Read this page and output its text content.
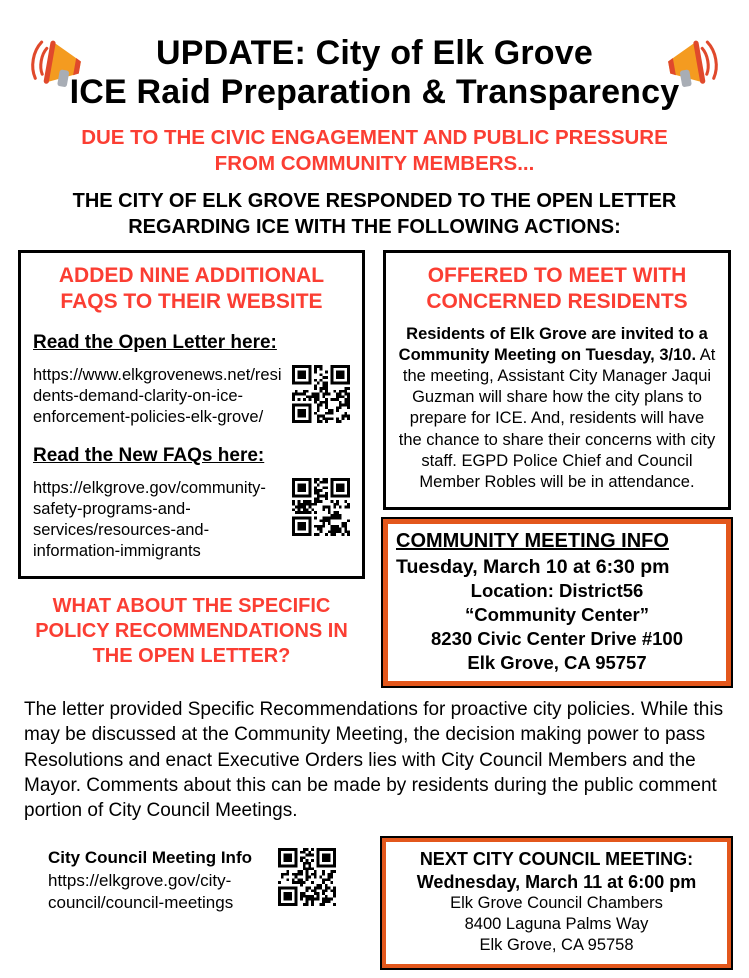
UPDATE: City of Elk Grove
ICE Raid Preparation & Transparency
DUE TO THE CIVIC ENGAGEMENT AND PUBLIC PRESSURE
FROM COMMUNITY MEMBERS...
THE CITY OF ELK GROVE RESPONDED TO THE OPEN LETTER
REGARDING ICE WITH THE FOLLOWING ACTIONS:
ADDED NINE ADDITIONAL FAQS TO THEIR WEBSITE
Read the Open Letter here:
https://www.elkgrovenews.net/residents-demand-clarity-on-ice-enforcement-policies-elk-grove/
Read the New FAQs here:
https://elkgrove.gov/community-safety-programs-and-services/resources-and-information-immigrants
WHAT ABOUT THE SPECIFIC POLICY RECOMMENDATIONS IN THE OPEN LETTER?
OFFERED TO MEET WITH CONCERNED RESIDENTS

Residents of Elk Grove are invited to a Community Meeting on Tuesday, 3/10. At the meeting, Assistant City Manager Jaqui Guzman will share how the city plans to prepare for ICE. And, residents will have the chance to share their concerns with city staff. EGPD Police Chief and Council Member Robles will be in attendance.

COMMUNITY MEETING INFO
Tuesday, March 10 at 6:30 pm
Location: District56
“Community Center”
8230 Civic Center Drive #100
Elk Grove, CA 95757

The letter provided Specific Recommendations for proactive city policies. While this may be discussed at the Community Meeting, the decision making power to pass Resolutions and enact Executive Orders lies with City Council Members and the Mayor. Comments about this can be made by residents during the public comment portion of City Council Meetings.

City Council Meeting Info
https://elkgrove.gov/city-council/council-meetings
NEXT CITY COUNCIL MEETING:
Wednesday, March 11 at 6:00 pm
Elk Grove Council Chambers
8400 Laguna Palms Way
Elk Grove, CA 95758
